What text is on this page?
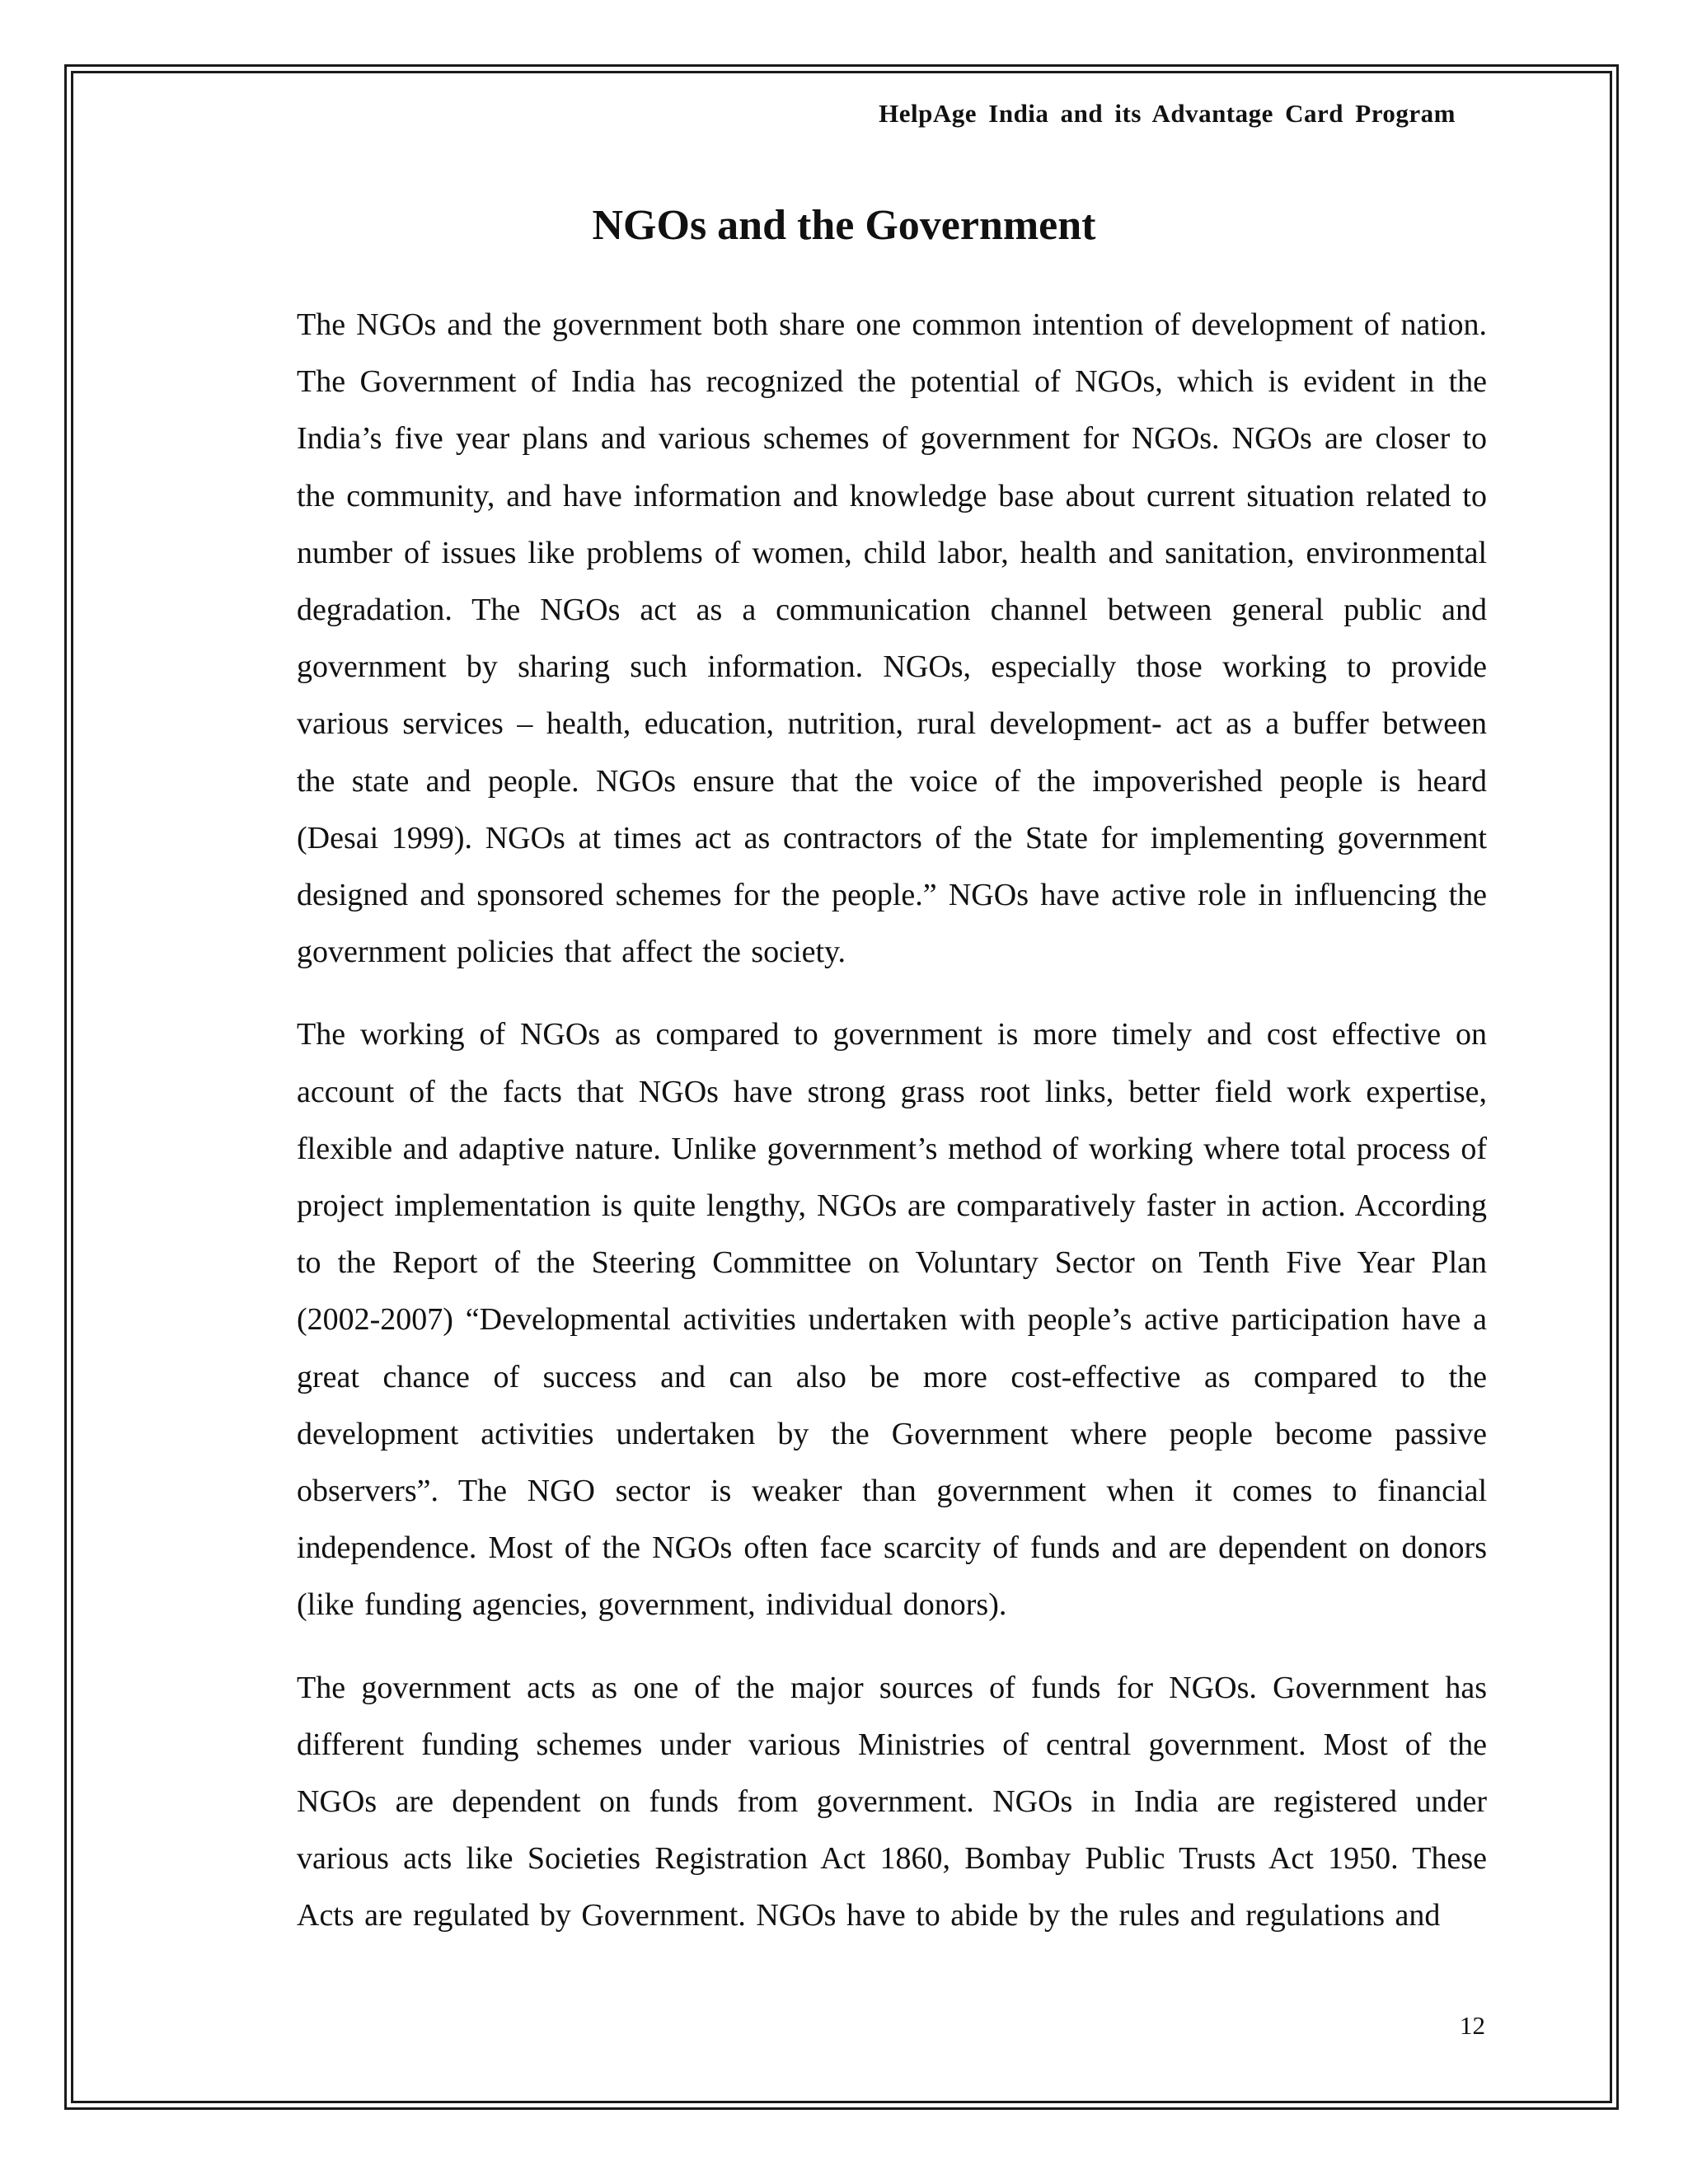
HelpAge India and its Advantage Card Program
NGOs and the Government

The NGOs and the government both share one common intention of development of nation. The Government of India has recognized the potential of NGOs, which is evident in the India’s five year plans and various schemes of government for NGOs. NGOs are closer to the community, and have information and knowledge base about current situation related to number of issues like problems of women, child labor, health and sanitation, environmental degradation. The NGOs act as a communication channel between general public and government by sharing such information. NGOs, especially those working to provide various services – health, education, nutrition, rural development- act as a buffer between the state and people. NGOs ensure that the voice of the impoverished people is heard (Desai 1999). NGOs at times act as contractors of the State for implementing government designed and sponsored schemes for the people.” NGOs have active role in influencing the government policies that affect the society.

The working of NGOs as compared to government is more timely and cost effective on account of the facts that NGOs have strong grass root links, better field work expertise, flexible and adaptive nature. Unlike government’s method of working where total process of project implementation is quite lengthy, NGOs are comparatively faster in action. According to the Report of the Steering Committee on Voluntary Sector on Tenth Five Year Plan (2002-2007) “Developmental activities undertaken with people’s active participation have a great chance of success and can also be more cost-effective as compared to the development activities undertaken by the Government where people become passive observers”. The NGO sector is weaker than government when it comes to financial independence. Most of the NGOs often face scarcity of funds and are dependent on donors (like funding agencies, government, individual donors).

The government acts as one of the major sources of funds for NGOs. Government has different funding schemes under various Ministries of central government. Most of the NGOs are dependent on funds from government. NGOs in India are registered under various acts like Societies Registration Act 1860, Bombay Public Trusts Act 1950. These Acts are regulated by Government. NGOs have to abide by the rules and regulations and

12
